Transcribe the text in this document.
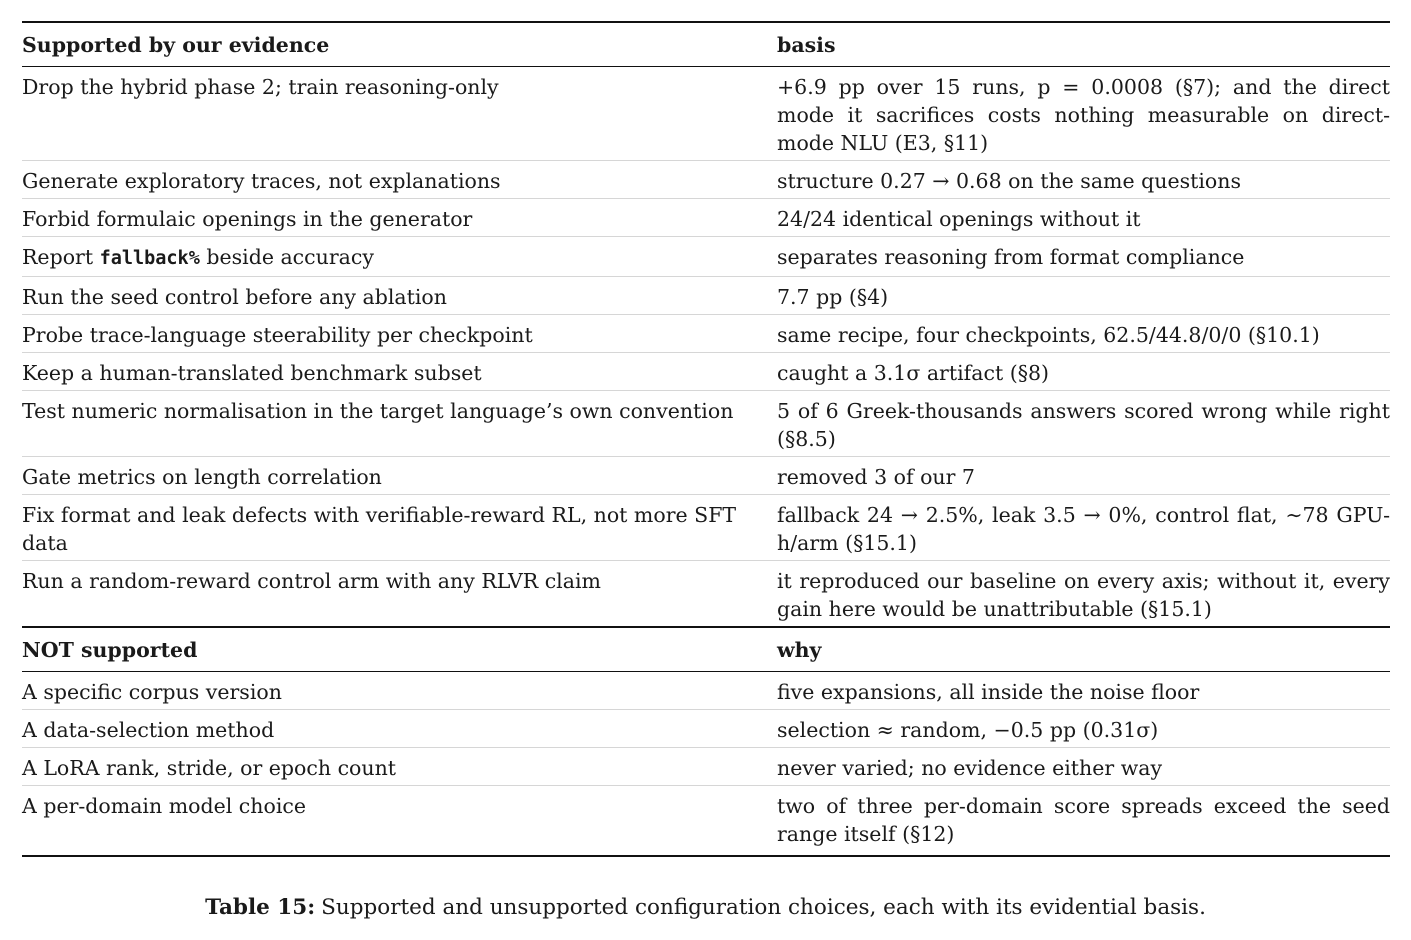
Supported by our evidence	basis
Drop the hybrid phase 2; train reasoning-only	+6.9 pp over 15 runs, p = 0.0008 (§7); and the direct mode it sacrifices costs nothing measurable on direct-mode NLU (E3, §11)
Generate exploratory traces, not explanations	structure 0.27 → 0.68 on the same questions
Forbid formulaic openings in the generator	24/24 identical openings without it
Report fallback% beside accuracy	separates reasoning from format compliance
Run the seed control before any ablation	7.7 pp (§4)
Probe trace-language steerability per checkpoint	same recipe, four checkpoints, 62.5/44.8/0/0 (§10.1)
Keep a human-translated benchmark subset	caught a 3.1σ artifact (§8)
Test numeric normalisation in the target language’s own convention	5 of 6 Greek-thousands answers scored wrong while right (§8.5)
Gate metrics on length correlation	removed 3 of our 7
Fix format and leak defects with verifiable-reward RL, not more SFT data	fallback 24 → 2.5%, leak 3.5 → 0%, control flat, ∼78 GPU-h/arm (§15.1)
Run a random-reward control arm with any RLVR claim	it reproduced our baseline on every axis; without it, every gain here would be unattributable (§15.1)
NOT supported	why
A specific corpus version	five expansions, all inside the noise floor
A data-selection method	selection ≈ random, −0.5 pp (0.31σ)
A LoRA rank, stride, or epoch count	never varied; no evidence either way
A per-domain model choice	two of three per-domain score spreads exceed the seed range itself (§12)
Table 15: Supported and unsupported configuration choices, each with its evidential basis.
